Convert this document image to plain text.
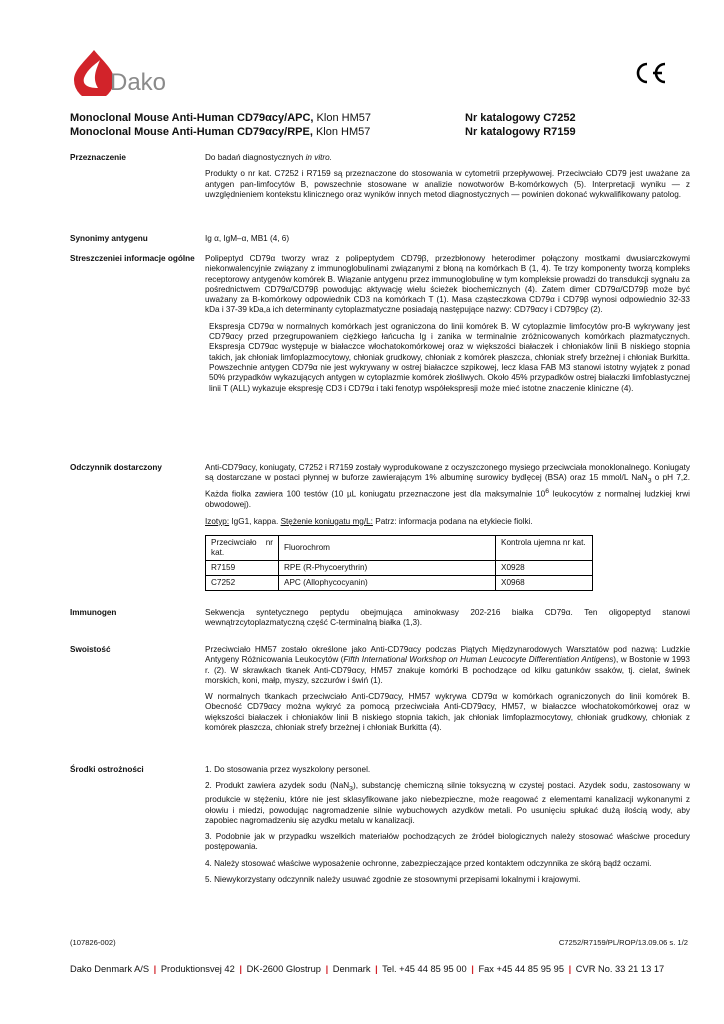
Dako
Monoclonal Mouse Anti-Human CD79αcy/APC, Klon HM57	Nr katalogowy C7252
Monoclonal Mouse Anti-Human CD79αcy/RPE, Klon HM57	Nr katalogowy R7159
Przeznaczenie	Do badań diagnostycznych in vitro.

Produkty o nr kat. C7252 i R7159 są przeznaczone do stosowania w cytometrii przepływowej. Przeciwciało CD79 jest uważane za antygen pan-limfocytów B, powszechnie stosowane w analizie nowotworów B-komórkowych (5). Interpretacji wyniku — z uwzględnieniem kontekstu klinicznego oraz wyników innych metod diagnostycznych — powinien dokonać wykwalifikowany patolog.

Synonimy antygenu	Ig α, IgM–α, MB1 (4, 6)
Streszczeniei informacje ogólne	Polipeptyd CD79α tworzy wraz z polipeptydem CD79β, przezbłonowy heterodimer połączony mostkami dwusiarczkowymi niekonwalencyjnie związany z immunoglobulinami związanymi z błoną na komórkach B (1, 4). Te trzy komponenty tworzą kompleks receptorowy antygenów komórek B. Wiązanie antygenu przez immunoglobulinę w tym kompleksie prowadzi do transdukcji sygnału za pośrednictwem CD79α/CD79β powodując aktywację wielu ścieżek biochemicznych (4). Zatem dimer CD79α/CD79β może być uważany za B-komórkowy odpowiednik CD3 na komórkach T (1). Masa cząsteczkowa CD79α i CD79β wynosi odpowiednio 32-33 kDa i 37-39 kDa,a ich determinanty cytoplazmatyczne posiadają następujące nazwy: CD79αcy i CD79βcy (2).

Ekspresja CD79α w normalnych komórkach jest ograniczona do linii komórek B. W cytoplazmie limfocytów pro-B wykrywany jest CD79αcy przed przegrupowaniem ciężkiego łańcucha Ig i zanika w terminalnie zróżnicowanych komórkach plazmatycznych. Ekspresja CD79αc występuje w białaczce włochatokomórkowej oraz w większości białaczek i chłoniaków linii B niskiego stopnia takich, jak chłoniak limfoplazmocytowy, chłoniak grudkowy, chłoniak z komórek płaszcza, chłoniak strefy brzeżnej i chłoniak Burkitta. Powszechnie antygen CD79α nie jest wykrywany w ostrej białaczce szpikowej, lecz klasa FAB M3 stanowi istotny wyjątek z ponad 50% przypadków wykazujących antygen w cytoplazmie komórek złośliwych. Około 45% przypadków ostrej białaczki limfoblastycznej linii T (ALL) wykazuje ekspresję CD3 i CD79α i taki fenotyp współekspresji może mieć istotne znaczenie kliniczne (4).

Odczynnik dostarczony	Anti-CD79αcy, koniugaty, C7252 i R7159 zostały wyprodukowane z oczyszczonego mysiego przeciwciała monoklonalnego. Koniugaty są dostarczane w postaci płynnej w buforze zawierającym 1% albuminę surowicy bydlęcej (BSA) oraz 15 mmol/L NaN$_3$ o pH 7,2. Każda fiolka zawiera 100 testów (10 µL koniugatu przeznaczone jest dla maksymalnie $10^6$ leukocytów z normalnej ludzkiej krwi obwodowej).

Izotyp: IgG1, kappa. Stężenie koniugatu mg/L: Patrz: informacja podana na etykiecie fiolki.

Przeciwciało nr kat.	Fluorochrom	Kontrola ujemna nr kat.
R7159	RPE (R-Phycoerythrin)	X0928
C7252	APC (Allophycocyanin)	X0968
Immunogen	Sekwencja syntetycznego peptydu obejmująca aminokwasy 202-216 białka CD79α. Ten oligopeptyd stanowi wewnątrzcytoplazmatyczną część C-terminalną białka (1,3).
Swoistość	Przeciwciało HM57 zostało określone jako Anti-CD79αcy podczas Piątych Międzynarodowych Warsztatów pod nazwą: Ludzkie Antygeny Różnicowania Leukocytów (Fifth International Workshop on Human Leucocyte Differentiation Antigens), w Bostonie w 1993 r. (2). W skrawkach tkanek Anti-CD79αcy, HM57 znakuje komórki B pochodzące od kilku gatunków ssaków, tj. cielat, świnek morskich, koni, małp, myszy, szczurów i świń (1).

W normalnych tkankach przeciwciało Anti-CD79αcy, HM57 wykrywa CD79α w komórkach ograniczonych do linii komórek B. Obecność CD79αcy można wykryć za pomocą przeciwciała Anti-CD79αcy, HM57, w białaczce włochatokomórkowej oraz w większości białaczek i chłoniaków linii B niskiego stopnia takich, jak chłoniak limfoplazmocytowy, chłoniak grudkowy, chłoniak z komórek płaszcza, chłoniak strefy brzeżnej i chłoniak Burkitta (4).

Środki ostrożności	1. Do stosowania przez wyszkolony personel.

2. Produkt zawiera azydek sodu (NaN$_3$), substancję chemiczną silnie toksyczną w czystej postaci. Azydek sodu, zastosowany w produkcie w stężeniu, które nie jest sklasyfikowane jako niebezpieczne, może reagować z elementami kanalizacji wykonanymi z ołowiu i miedzi, powodując nagromadzenie silnie wybuchowych azydków metali. Po usunięciu spłukać dużą ilością wody, aby zapobiec nagromadzeniu się azydku metalu w kanalizacji.

3. Podobnie jak w przypadku wszelkich materiałów pochodzących ze źródeł biologicznych należy stosować właściwe procedury postępowania.

4. Należy stosować właściwe wyposażenie ochronne, zabezpieczające przed kontaktem odczynnika ze skórą bądź oczami.

5. Niewykorzystany odczynnik należy usuwać zgodnie ze stosownymi przepisami lokalnymi i krajowymi.

(107826-002)	C7252/R7159/PL/ROP/13.09.06 s. 1/2
Dako Denmark A/S | Produktionsvej 42 | DK-2600 Glostrup | Denmark | Tel. +45 44 85 95 00 | Fax +45 44 85 95 95 | CVR No. 33 21 13 17
